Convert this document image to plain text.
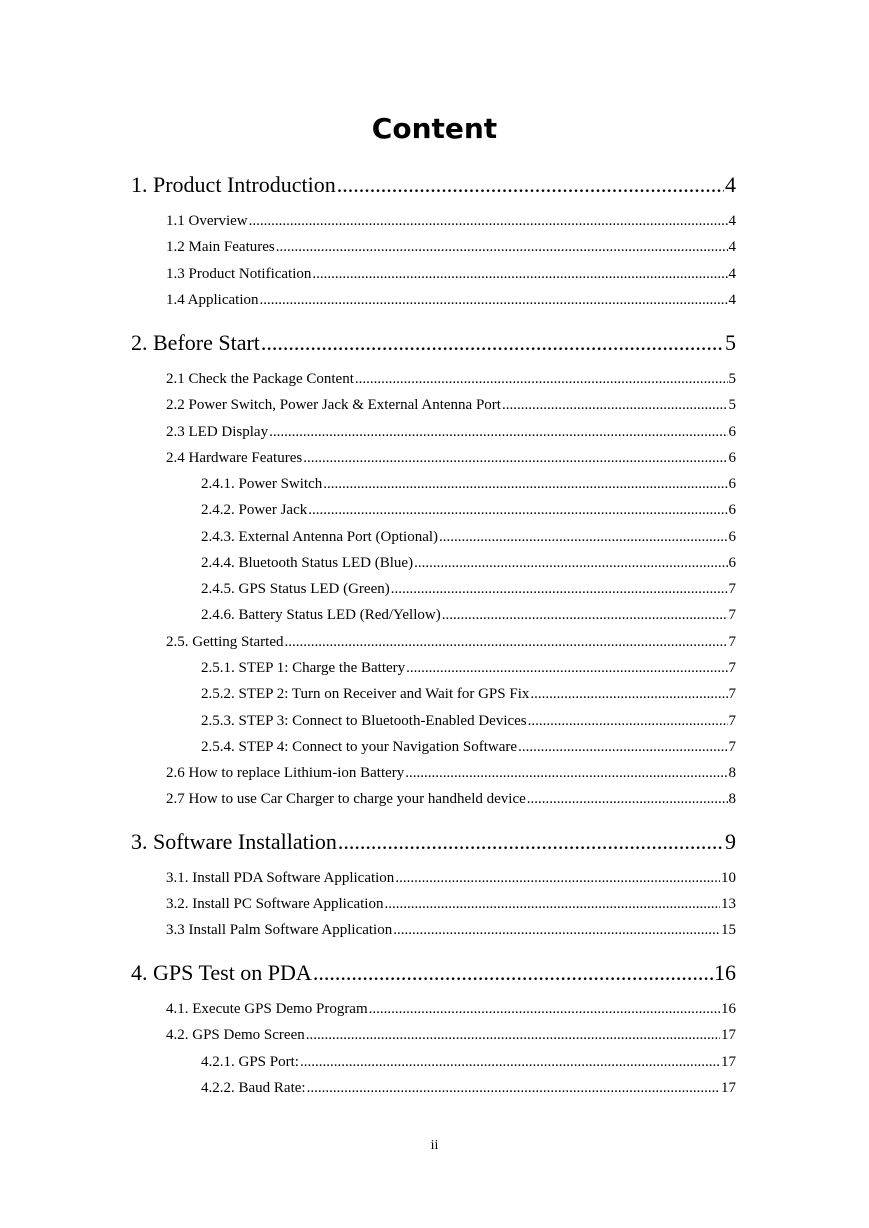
Content
1. Product Introduction .....	4
1.1 Overview .....	4
1.2 Main Features .....	4
1.3 Product Notification .....	4
1.4 Application .....	4
2. Before Start .....	5
2.1 Check the Package Content .....	5
2.2 Power Switch, Power Jack & External Antenna Port .....	5
2.3 LED Display .....	6
2.4 Hardware Features .....	6
2.4.1. Power Switch .....	6
2.4.2. Power Jack .....	6
2.4.3. External Antenna Port (Optional) .....	6
2.4.4. Bluetooth Status LED (Blue) .....	6
2.4.5. GPS Status LED (Green) .....	7
2.4.6. Battery Status LED (Red/Yellow) .....	7
2.5. Getting Started .....	7
2.5.1. STEP 1: Charge the Battery .....	7
2.5.2. STEP 2: Turn on Receiver and Wait for GPS Fix .....	7
2.5.3. STEP 3: Connect to Bluetooth-Enabled Devices .....	7
2.5.4. STEP 4: Connect to your Navigation Software .....	7
2.6 How to replace Lithium-ion Battery .....	8
2.7 How to use Car Charger to charge your handheld device .....	8
3. Software Installation .....	9
3.1. Install PDA Software Application .....	10
3.2. Install PC Software Application .....	13
3.3 Install Palm Software Application .....	15
4. GPS Test on PDA .....	16
4.1. Execute GPS Demo Program .....	16
4.2. GPS Demo Screen .....	17
4.2.1. GPS Port: .....	17
4.2.2. Baud Rate: .....	17
ii
